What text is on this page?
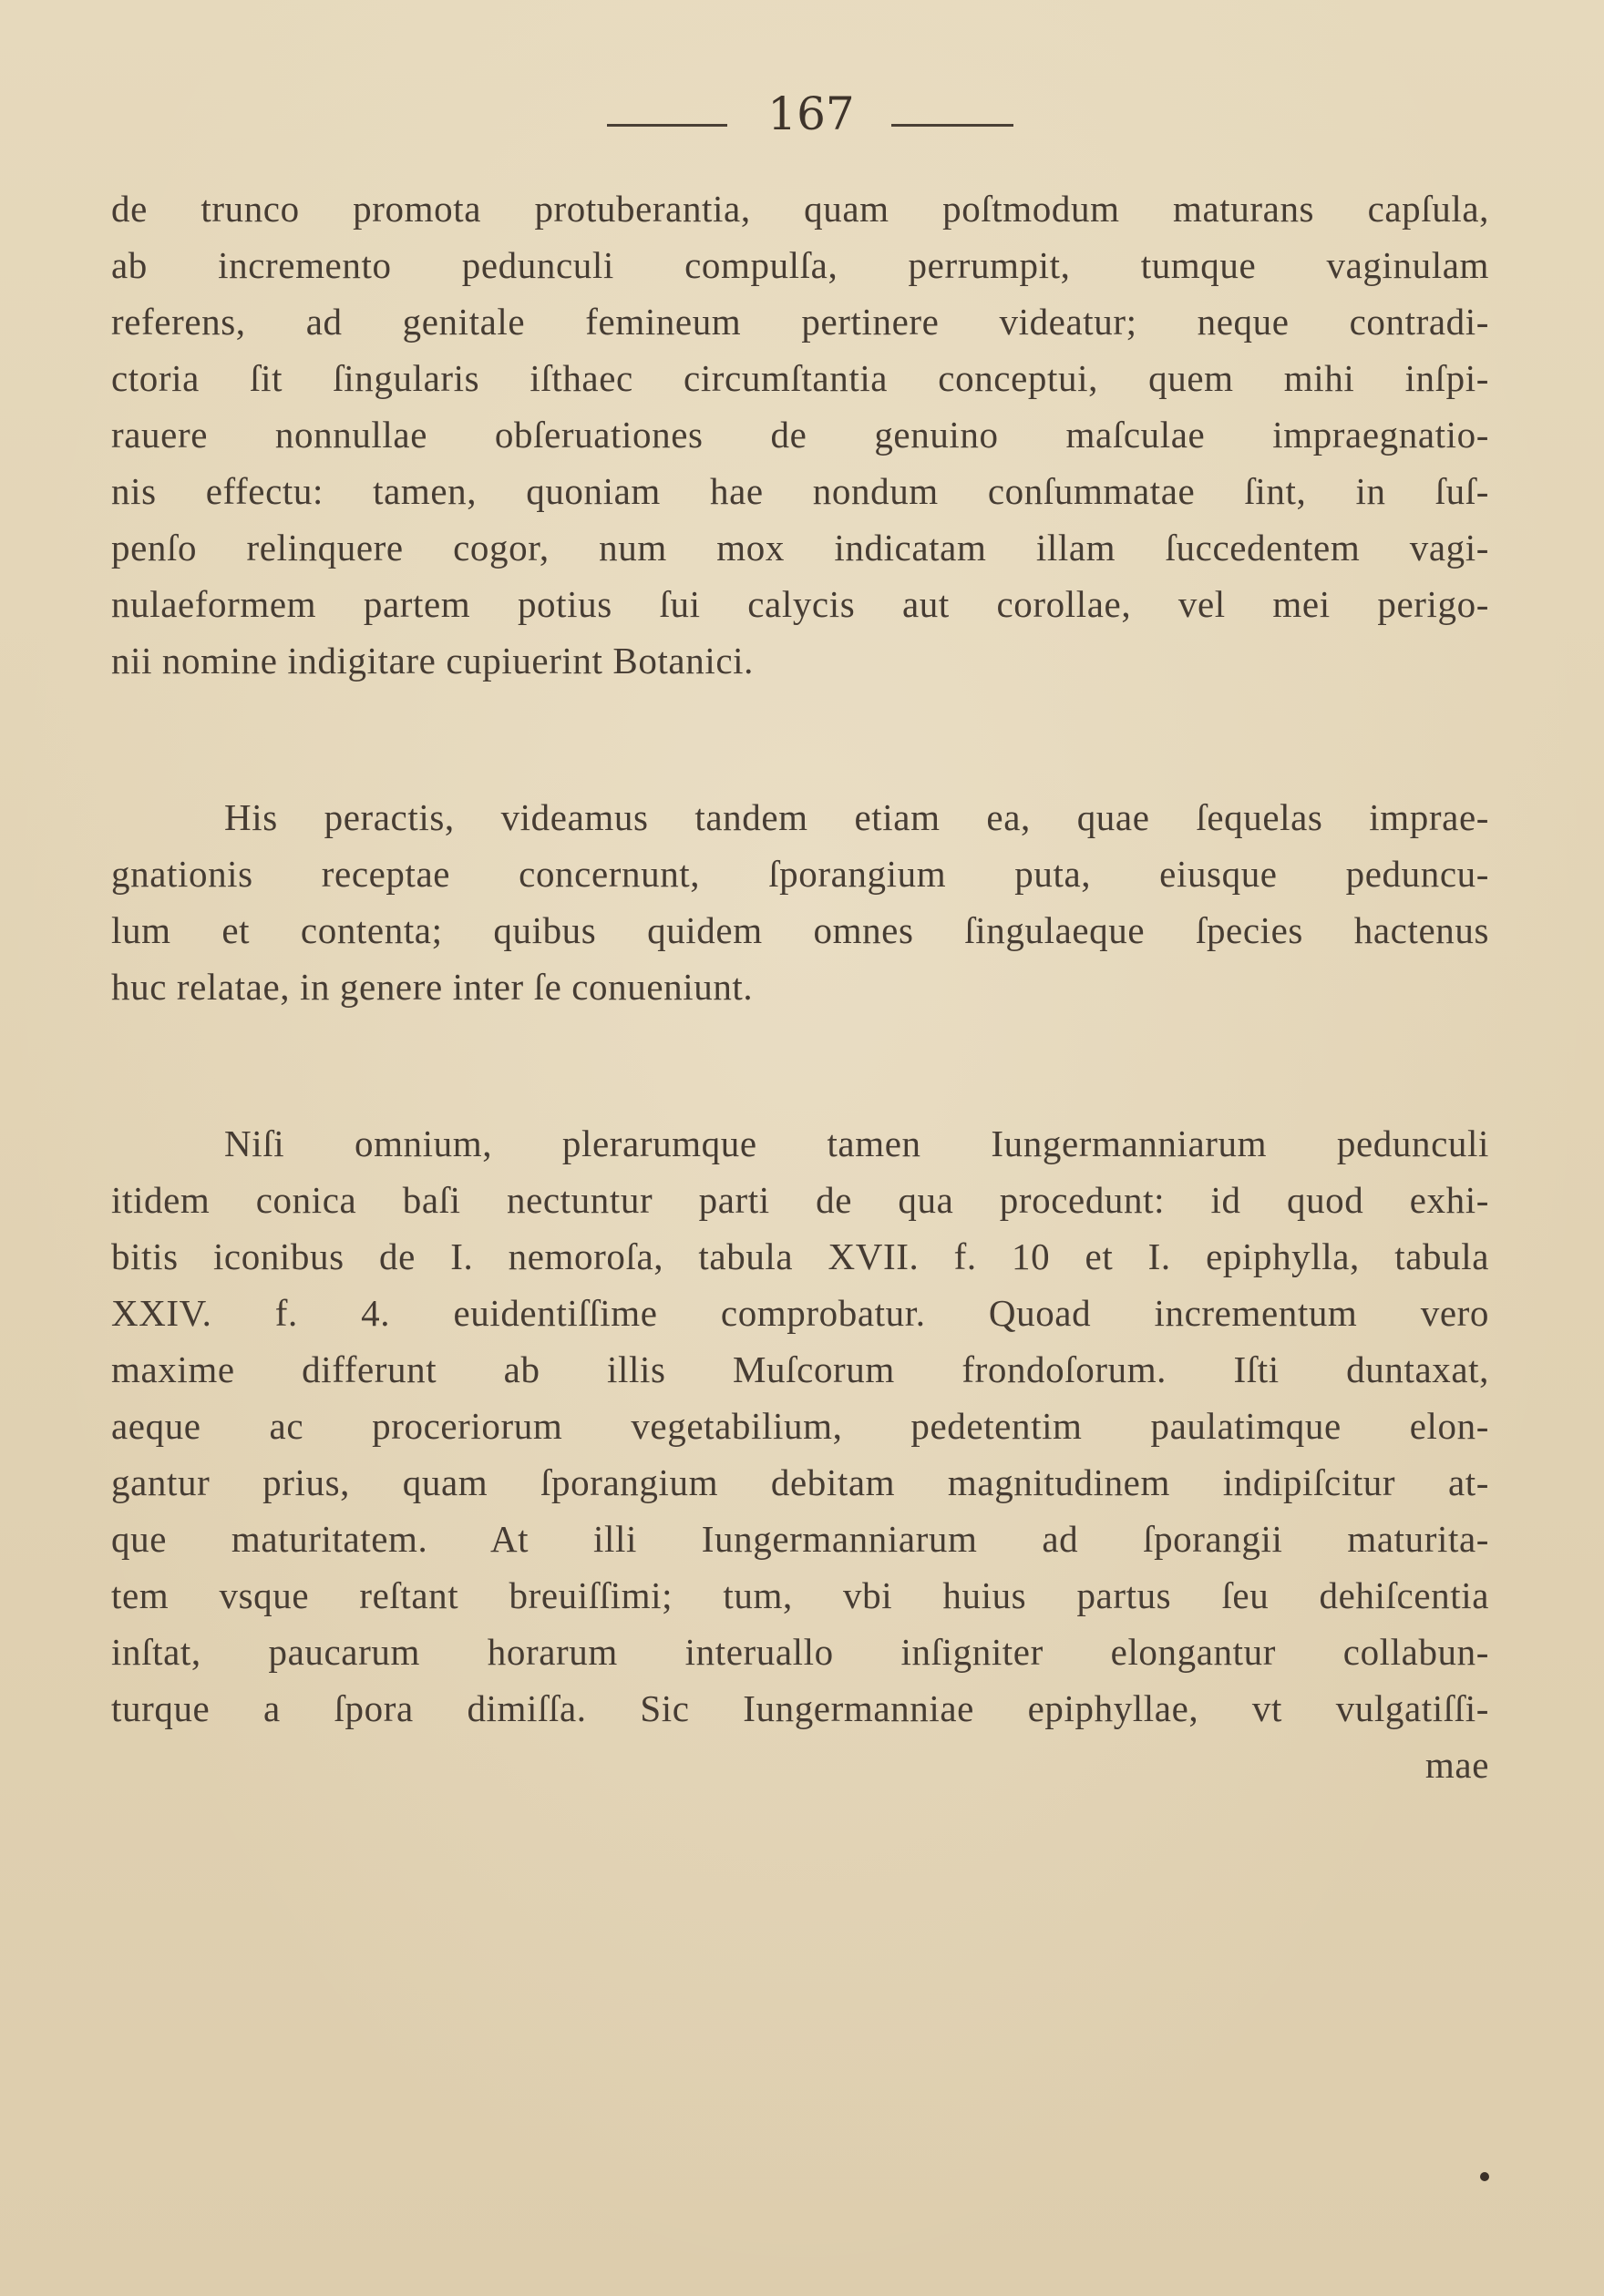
167
de trunco promota protuberantia, quam poſtmodum maturans capſula,
ab incremento pedunculi compulſa, perrumpit, tumque vaginulam
referens, ad genitale femineum pertinere videatur; neque contradi-
ctoria ſit ſingularis iſthaec circumſtantia conceptui, quem mihi inſpi-
rauere nonnullae obſeruationes de genuino maſculae impraegnatio-
nis effectu: tamen, quoniam hae nondum conſummatae ſint, in ſuſ-
penſo relinquere cogor, num mox indicatam illam ſuccedentem vagi-
nulaeformem partem potius ſui calycis aut corollae, vel mei perigo-
nii nomine indigitare cupiuerint Botanici.
His peractis, videamus tandem etiam ea, quae ſequelas imprae-
gnationis receptae concernunt, ſporangium puta, eiusque peduncu-
lum et contenta; quibus quidem omnes ſingulaeque ſpecies hactenus
huc relatae, in genere inter ſe conueniunt.
Niſi omnium, plerarumque tamen Iungermanniarum pedunculi
itidem conica baſi nectuntur parti de qua procedunt: id quod exhi-
bitis iconibus de I. nemoroſa, tabula XVII. f. 10 et I. epiphylla, tabula
XXIV. f. 4. euidentiſſime comprobatur. Quoad incrementum vero
maxime differunt ab illis Muſcorum frondoſorum. Iſti duntaxat,
aeque ac proceriorum vegetabilium, pedetentim paulatimque elon-
gantur prius, quam ſporangium debitam magnitudinem indipiſcitur at-
que maturitatem. At illi Iungermanniarum ad ſporangii maturita-
tem vsque reſtant breuiſſimi; tum, vbi huius partus ſeu dehiſcentia
inſtat, paucarum horarum interuallo inſigniter elongantur collabun-
turque a ſpora dimiſſa. Sic Iungermanniae epiphyllae, vt vulgatiſſi-
mae
